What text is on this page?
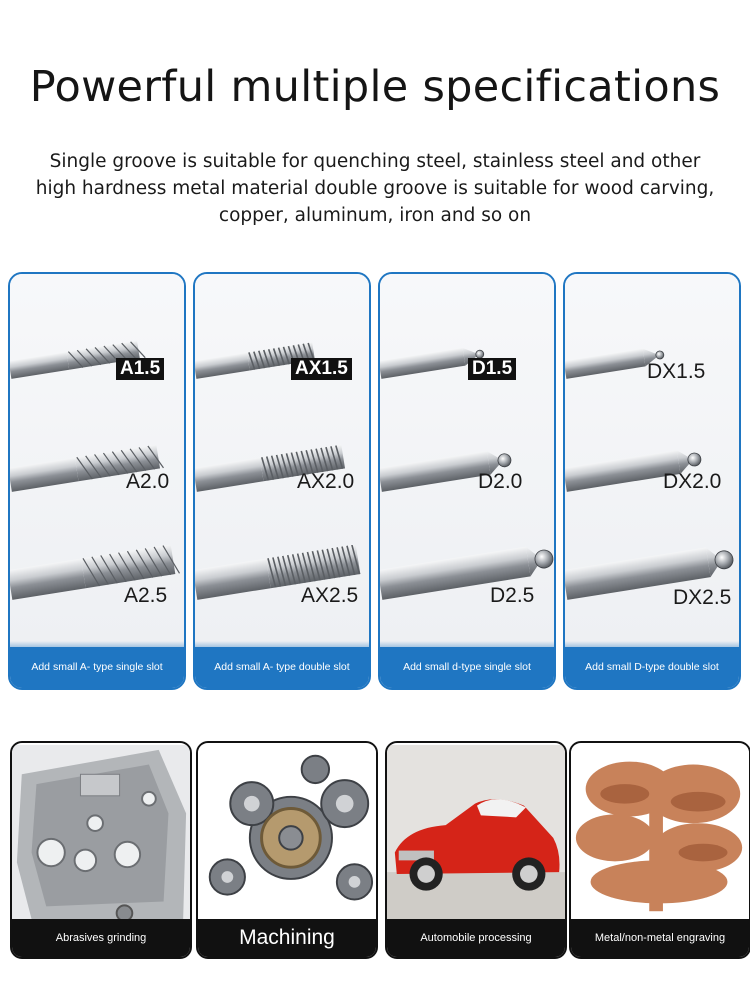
Powerful multiple specifications
Single groove is suitable for quenching steel, stainless steel and other high hardness metal material double groove is suitable for wood carving, copper, aluminum, iron and so on
Add small A- type single slot	Add small A- type double slot	Add small d-type single slot	Add small D-type double slot
A1.5
A2.0
A2.5
AX1.5
AX2.0
AX2.5
D1.5
D2.0
D2.5
DX1.5
DX2.0
DX2.5
Abrasives grinding	Machining	Automobile processing	Metal/non-metal engraving
